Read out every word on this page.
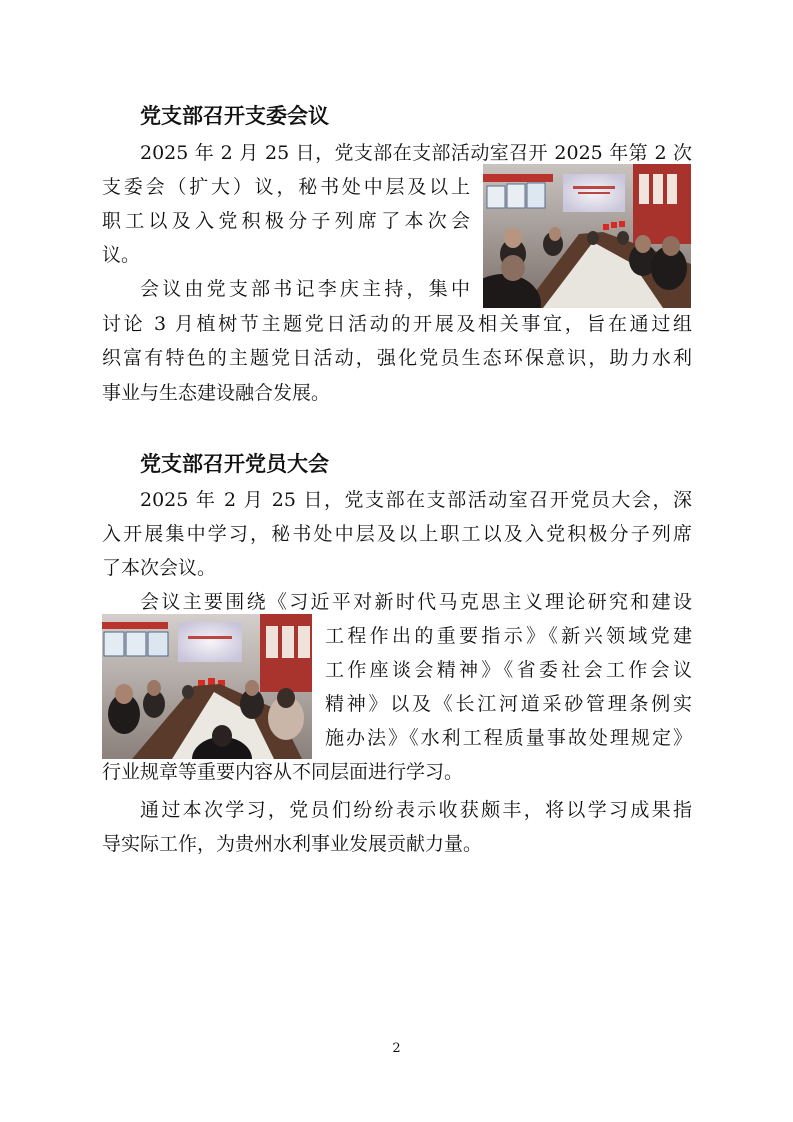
党支部召开支委会议
2025 年 2 月 25 日，党支部在支部活动室召开 2025 年第 2 次
支委会（扩大）议，秘书处中层及以上
职工以及入党积极分子列席了本次会
议。
会议由党支部书记李庆主持，集中
讨论 3 月植树节主题党日活动的开展及相关事宜，旨在通过组
织富有特色的主题党日活动，强化党员生态环保意识，助力水利
事业与生态建设融合发展。
党支部召开党员大会
2025 年 2 月 25 日，党支部在支部活动室召开党员大会，深
入开展集中学习，秘书处中层及以上职工以及入党积极分子列席
了本次会议。
会议主要围绕《习近平对新时代马克思主义理论研究和建设
工程作出的重要指示》《新兴领域党建
工作座谈会精神》《省委社会工作会议
精神》以及《长江河道采砂管理条例实
施办法》《水利工程质量事故处理规定》
行业规章等重要内容从不同层面进行学习。
通过本次学习，党员们纷纷表示收获颇丰，将以学习成果指
导实际工作，为贵州水利事业发展贡献力量。
2
